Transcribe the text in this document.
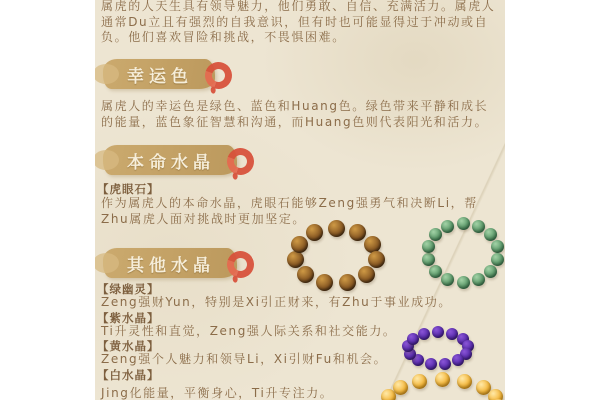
属虎的人天生具有领导魅力，他们勇敢、自信、充满活力。属虎人通常Du立且有强烈的自我意识，但有时也可能显得过于冲动或自负。他们喜欢冒险和挑战，不畏惧困难。

幸运色

属虎人的幸运色是绿色、蓝色和Huang色。绿色带来平静和成长的能量，蓝色象征智慧和沟通，而Huang色则代表阳光和活力。

本命水晶

【虎眼石】

作为属虎人的本命水晶，虎眼石能够Zeng强勇气和决断Li，帮Zhu属虎人面对挑战时更加坚定。

其他水晶

【绿幽灵】

Zeng强财Yun，特别是Xi引正财来，有Zhu于事业成功。

【紫水晶】

Ti升灵性和直觉，Zeng强人际关系和社交能力。

【黄水晶】

Zeng强个人魅力和领导Li，Xi引财Fu和机会。

【白水晶】

Jing化能量，平衡身心，Ti升专注力。
